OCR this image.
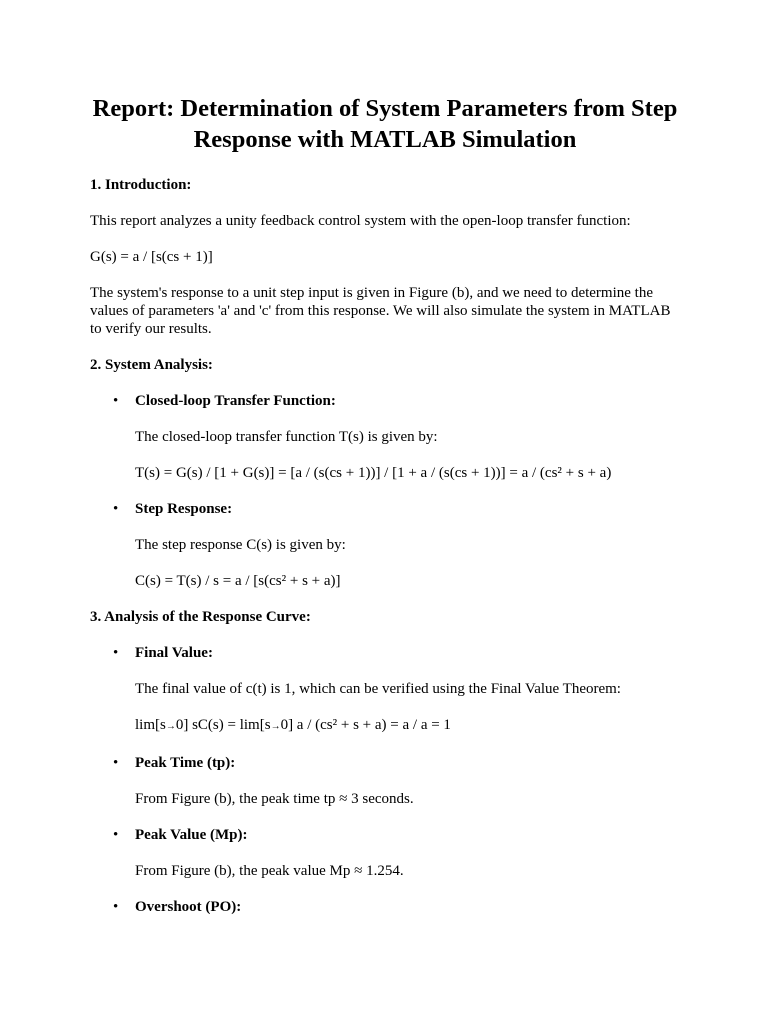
Report: Determination of System Parameters from Step Response with MATLAB Simulation
1. Introduction:

This report analyzes a unity feedback control system with the open-loop transfer function:

G(s) = a / [s(cs + 1)]

The system's response to a unit step input is given in Figure (b), and we need to determine the values of parameters 'a' and 'c' from this response. We will also simulate the system in MATLAB to verify our results.

2. System Analysis:
• Closed-loop Transfer Function:

The closed-loop transfer function T(s) is given by:

T(s) = G(s) / [1 + G(s)] = [a / (s(cs + 1))] / [1 + a / (s(cs + 1))] = a / (cs² + s + a)

• Step Response:

The step response C(s) is given by:

C(s) = T(s) / s = a / [s(cs² + s + a)]

3. Analysis of the Response Curve:
• Final Value:

The final value of c(t) is 1, which can be verified using the Final Value Theorem:

lim[s→0] sC(s) = lim[s→0] a / (cs² + s + a) = a / a = 1

• Peak Time (tp):

From Figure (b), the peak time tp ≈ 3 seconds.

• Peak Value (Mp):

From Figure (b), the peak value Mp ≈ 1.254.

• Overshoot (PO):
